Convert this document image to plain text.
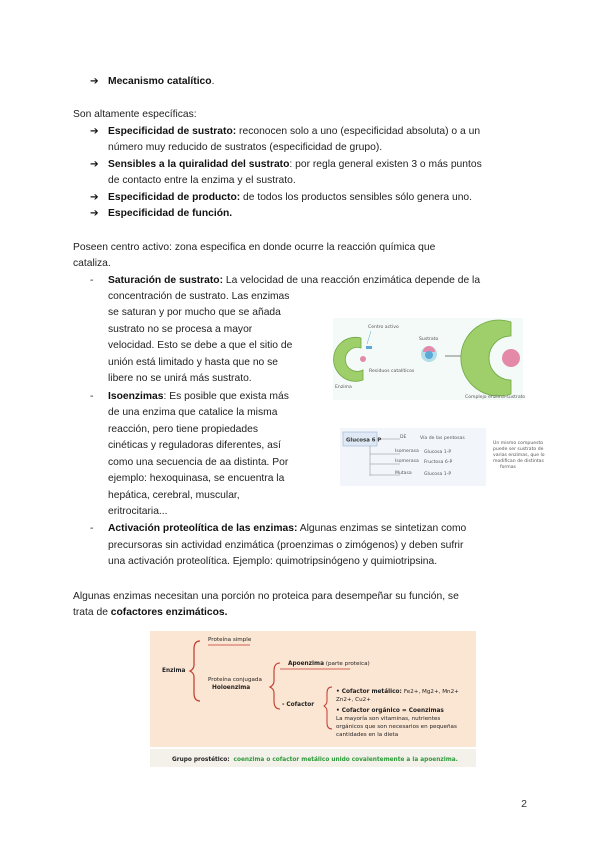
➔ Mecanismo catalítico.

Son altamente específicas:

➔ Especificidad de sustrato: reconocen solo a uno (especificidad absoluta) o a un
número muy reducido de sustratos (especificidad de grupo).
➔ Sensibles a la quiralidad del sustrato: por regla general existen 3 o más puntos
de contacto entre la enzima y el sustrato.
➔ Especificidad de producto: de todos los productos sensibles sólo genera uno.
➔ Especificidad de función.
Poseen centro activo: zona especifica en donde ocurre la reacción química que
cataliza.
- Saturación de sustrato: La velocidad de una reacción enzimática depende de la
concentración de sustrato. Las enzimas
se saturan y por mucho que se añada
sustrato no se procesa a mayor
velocidad. Esto se debe a que el sitio de
unión está limitado y hasta que no se
libere no se unirá más sustrato.
- Isoenzimas: Es posible que exista más
de una enzima que catalice la misma
reacción, pero tiene propiedades
cinéticas y reguladoras diferentes, así
como una secuencia de aa distinta. Por
ejemplo: hexoquinasa, se encuentra la
hepática, cerebral, muscular,
eritrocitaria...
- Activación proteolítica de las enzimas: Algunas enzimas se sintetizan como
precursoras sin actividad enzimática (proenzimas o zimógenos) y deben sufrir
una activación proteolítica. Ejemplo: quimotripsinógeno y quimiotripsina.
Algunas enzimas necesitan una porción no proteica para desempeñar su función, se
trata de cofactores enzimáticos.
Enzima
Centro activo
Residuos catalíticos
Sustrato
Complejo enzima-sustrato
Glucosa 6 P	DE	Vía de las pentosas
Isomerasa Glucosa 1-P
Isomerasa Fructosa 6-P
Mutasa	Glucosa 1-P
Un mismo compuesto
puede ser sustrato de
varias enzimas, que lo
modifican de distintas
formas
Enzima
Proteína simple
Proteína conjugada
Holoenzima
Apoenzima (parte proteica)
- Cofactor
• Cofactor metálico: Fe2+, Mg2+, Mn2+
Zn2+, Cu2+
• Cofactor orgánico = Coenzimas
La mayoría son vitaminas, nutrientes
orgánicos que son necesarios en pequeñas
cantidades en la dieta
Grupo prostético: coenzima o cofactor metálico unido covalentemente a la apoenzima.
2
